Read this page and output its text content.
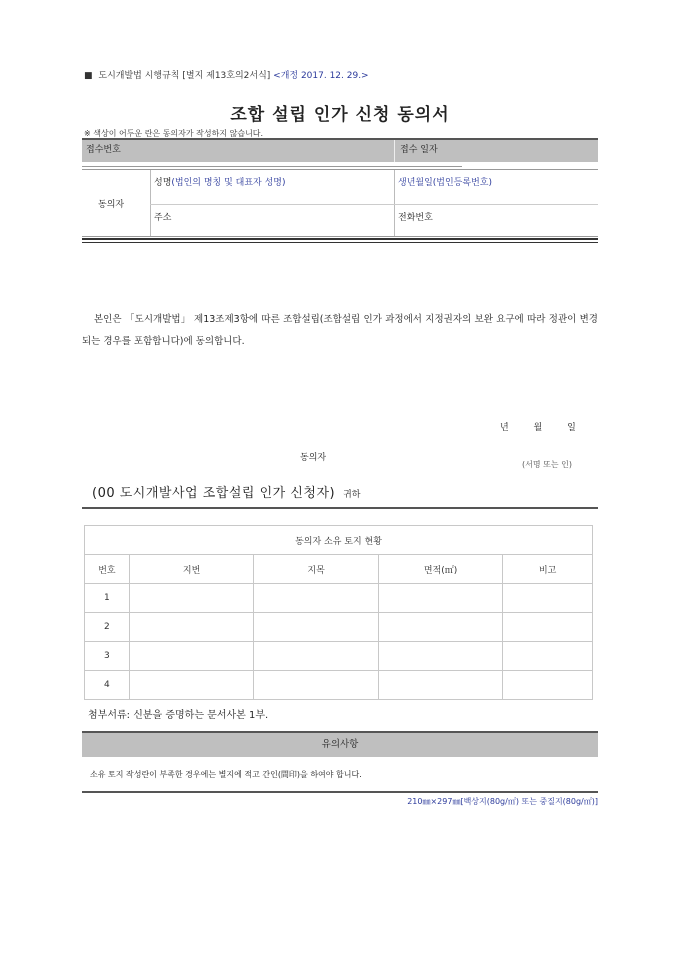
■ 도시개발법 시행규칙 [별지 제13호의2서식] <개정 2017. 12. 29.>
조합 설립 인가 신청 동의서
※ 색상이 어두운 란은 동의자가 작성하지 않습니다.
접수번호	접수 일자
동의자
성명(법인의 명칭 및 대표자 성명)	생년월일(법인등록번호)
주소	전화번호
본인은 「도시개발법」 제13조제3항에 따른 조합설립(조합설립 인가 과정에서 지정권자의 보완 요구에 따라 정관이 변경되는 경우를 포함합니다)에 동의합니다.
년 월 일
동의자
(서명 또는 인)
(00 도시개발사업 조합설립 인가 신청자) 귀하
동의자 소유 토지 현황				
번호	지번	지목	면적(㎡)	비고
1				
2				
3				
4				
첨부서류: 신분을 증명하는 문서사본 1부.
유의사항
소유 토지 작성란이 부족한 경우에는 별지에 적고 간인(間印)을 하여야 합니다.
210㎜×297㎜[백상지(80g/㎡) 또는 중질지(80g/㎡)]
